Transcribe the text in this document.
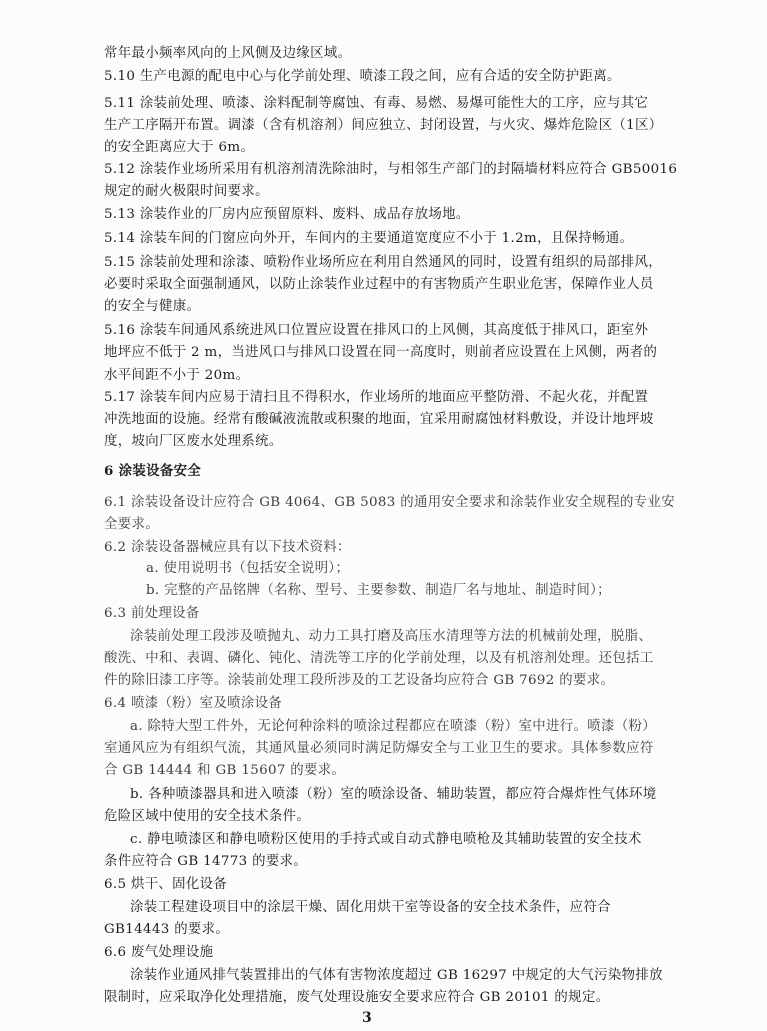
常年最小频率风向的上风侧及边缘区域。
5.10 生产电源的配电中心与化学前处理、喷漆工段之间，应有合适的安全防护距离。
5.11 涂装前处理、喷漆、涂料配制等腐蚀、有毒、易燃、易爆可能性大的工序，应与其它
生产工序隔开布置。调漆（含有机溶剂）间应独立、封闭设置，与火灾、爆炸危险区（1区）
的安全距离应大于 6m。
5.12 涂装作业场所采用有机溶剂清洗除油时，与相邻生产部门的封隔墙材料应符合 GB50016
规定的耐火极限时间要求。
5.13 涂装作业的厂房内应预留原料、废料、成品存放场地。
5.14 涂装车间的门窗应向外开，车间内的主要通道宽度应不小于 1.2m，且保持畅通。
5.15 涂装前处理和涂漆、喷粉作业场所应在利用自然通风的同时，设置有组织的局部排风，
必要时采取全面强制通风，以防止涂装作业过程中的有害物质产生职业危害，保障作业人员
的安全与健康。
5.16 涂装车间通风系统进风口位置应设置在排风口的上风侧，其高度低于排风口，距室外
地坪应不低于 2 m，当进风口与排风口设置在同一高度时，则前者应设置在上风侧，两者的
水平间距不小于 20m。
5.17 涂装车间内应易于清扫且不得积水，作业场所的地面应平整防滑、不起火花，并配置
冲洗地面的设施。经常有酸碱液流散或积聚的地面，宜采用耐腐蚀材料敷设，并设计地坪坡
度，坡向厂区废水处理系统。
6 涂装设备安全
6.1 涂装设备设计应符合 GB 4064、GB 5083 的通用安全要求和涂装作业安全规程的专业安
全要求。
6.2 涂装设备器械应具有以下技术资料：
a. 使用说明书（包括安全说明）；
b. 完整的产品铭牌（名称、型号、主要参数、制造厂名与地址、制造时间）；
6.3 前处理设备
涂装前处理工段涉及喷抛丸、动力工具打磨及高压水清理等方法的机械前处理，脱脂、
酸洗、中和、表调、磷化、钝化、清洗等工序的化学前处理，以及有机溶剂处理。还包括工
件的除旧漆工序等。涂装前处理工段所涉及的工艺设备均应符合 GB 7692 的要求。
6.4 喷漆（粉）室及喷涂设备
a. 除特大型工件外，无论何种涂料的喷涂过程都应在喷漆（粉）室中进行。喷漆（粉）
室通风应为有组织气流，其通风量必须同时满足防爆安全与工业卫生的要求。具体参数应符
合 GB 14444 和 GB 15607 的要求。
b. 各种喷漆器具和进入喷漆（粉）室的喷涂设备、辅助装置，都应符合爆炸性气体环境
危险区域中使用的安全技术条件。
c. 静电喷漆区和静电喷粉区使用的手持式或自动式静电喷枪及其辅助装置的安全技术
条件应符合 GB 14773 的要求。
6.5 烘干、固化设备
涂装工程建设项目中的涂层干燥、固化用烘干室等设备的安全技术条件，应符合
GB14443 的要求。
6.6 废气处理设施
涂装作业通风排气装置排出的气体有害物浓度超过 GB 16297 中规定的大气污染物排放
限制时，应采取净化处理措施，废气处理设施安全要求应符合 GB 20101 的规定。
3
